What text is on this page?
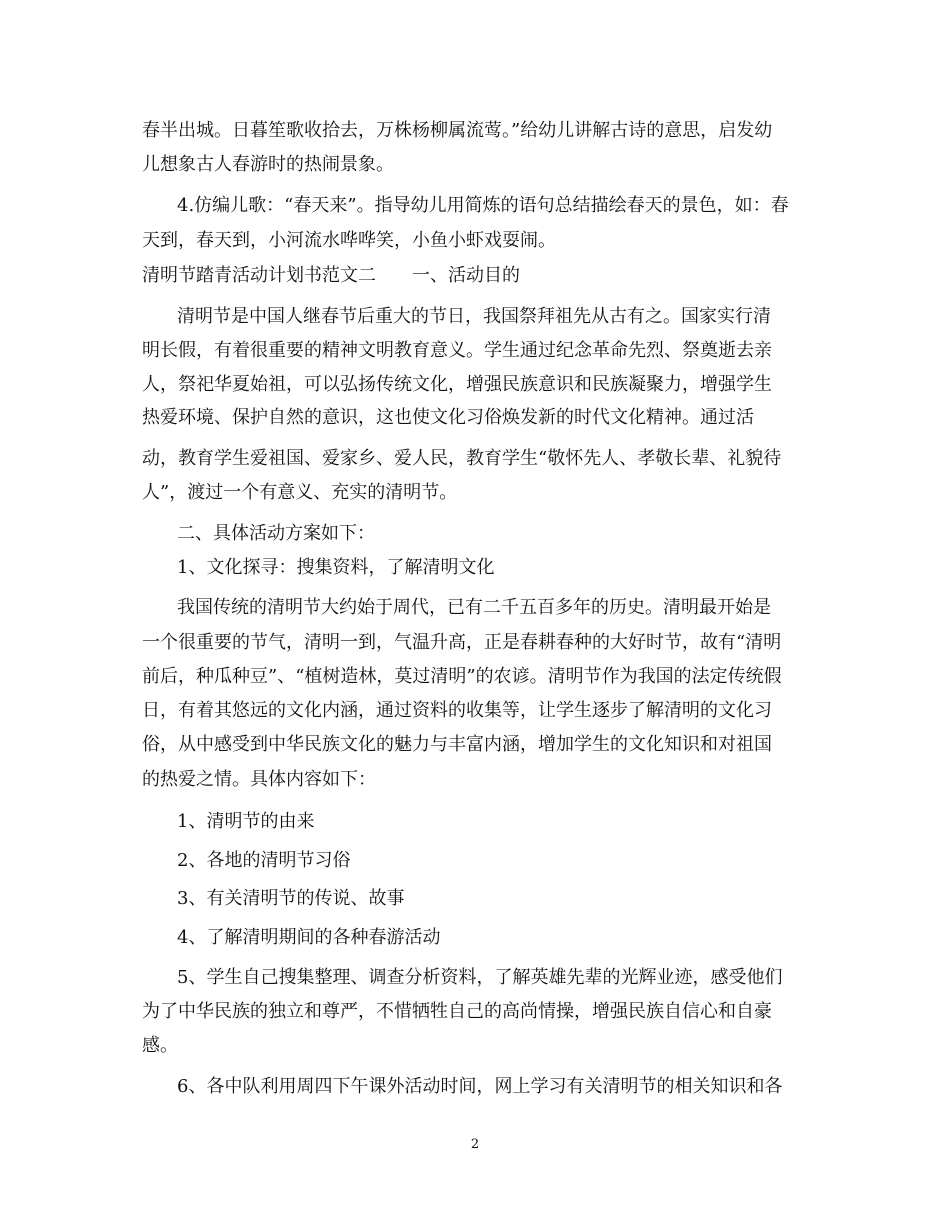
春半出城。日暮笙歌收拾去，万株杨柳属流莺。”给幼儿讲解古诗的意思，启发幼
儿想象古人春游时的热闹景象。
4.仿编儿歌：“春天来”。指导幼儿用简炼的语句总结描绘春天的景色，如：春
天到，春天到，小河流水哗哗笑，小鱼小虾戏耍闹。
清明节踏青活动计划书范文二　　一、活动目的
清明节是中国人继春节后重大的节日，我国祭拜祖先从古有之。国家实行清
明长假，有着很重要的精神文明教育意义。学生通过纪念革命先烈、祭奠逝去亲
人，祭祀华夏始祖，可以弘扬传统文化，增强民族意识和民族凝聚力，增强学生
热爱环境、保护自然的意识，这也使文化习俗焕发新的时代文化精神。通过活
动，教育学生爱祖国、爱家乡、爱人民，教育学生“敬怀先人、孝敬长辈、礼貌待
人”，渡过一个有意义、充实的清明节。
二、具体活动方案如下：
1、文化探寻：搜集资料，了解清明文化
我国传统的清明节大约始于周代，已有二千五百多年的历史。清明最开始是
一个很重要的节气，清明一到，气温升高，正是春耕春种的大好时节，故有“清明
前后，种瓜种豆”、“植树造林，莫过清明”的农谚。清明节作为我国的法定传统假
日，有着其悠远的文化内涵，通过资料的收集等，让学生逐步了解清明的文化习
俗，从中感受到中华民族文化的魅力与丰富内涵，增加学生的文化知识和对祖国
的热爱之情。具体内容如下：
1、清明节的由来
2、各地的清明节习俗
3、有关清明节的传说、故事
4、了解清明期间的各种春游活动
5、学生自己搜集整理、调查分析资料，了解英雄先辈的光辉业迹，感受他们
为了中华民族的独立和尊严，不惜牺牲自己的高尚情操，增强民族自信心和自豪
感。
6、各中队利用周四下午课外活动时间，网上学习有关清明节的相关知识和各
2
